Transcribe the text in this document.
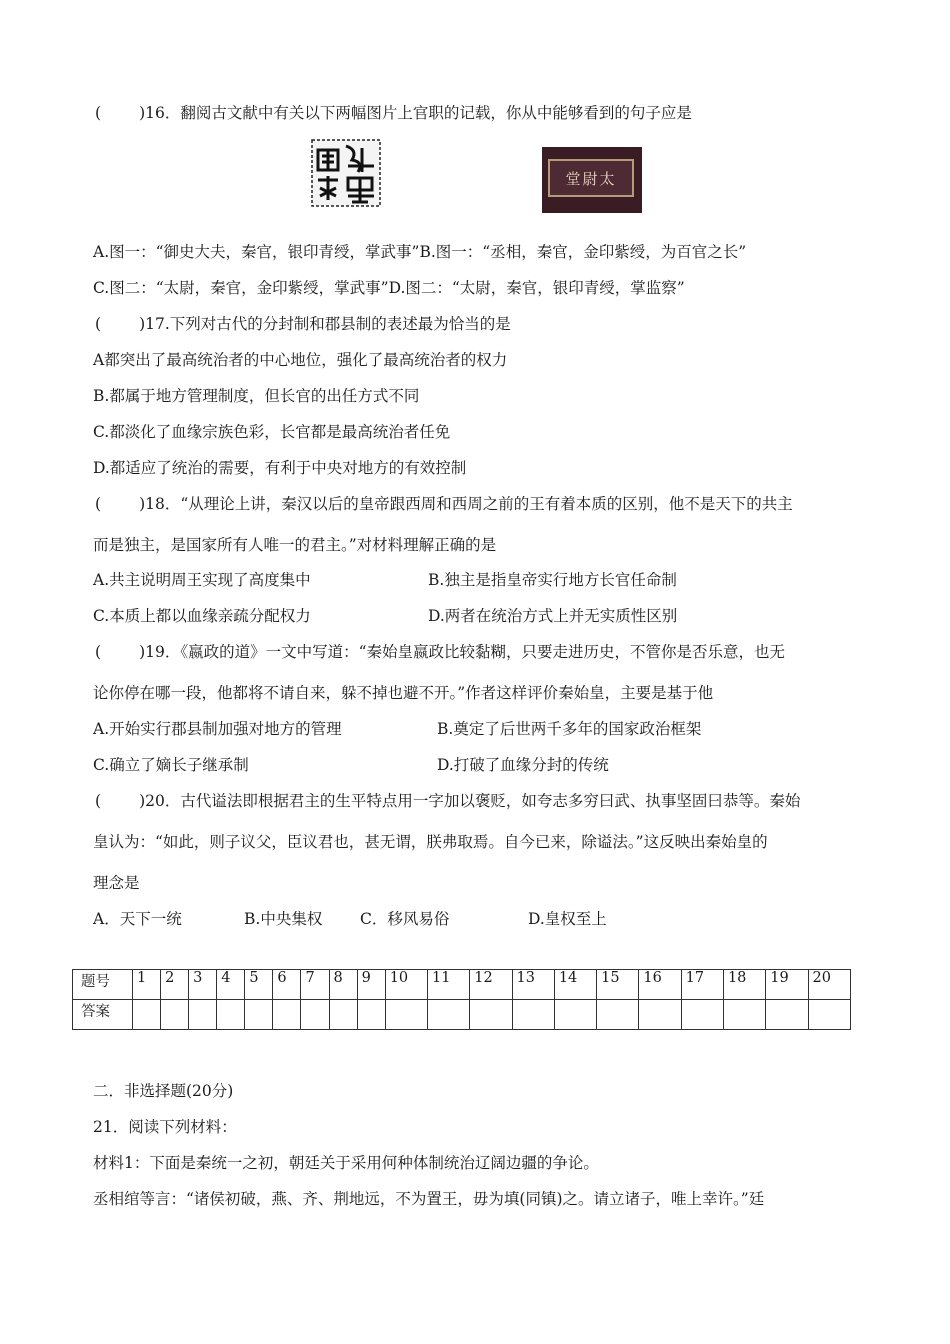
( )16．翻阅古文献中有关以下两幅图片上官职的记载，你从中能够看到的句子应是
堂尉太
A.图一：“御史大夫，秦官，银印青绶，掌武事”B.图一：“丞相，秦官，金印紫绶，为百官之长”
C.图二：“太尉，秦官，金印紫绶，掌武事”D.图二：“太尉，秦官，银印青绶，掌监察”
( )17.下列对古代的分封制和郡县制的表述最为恰当的是
A都突出了最高统治者的中心地位，强化了最高统治者的权力
B.都属于地方管理制度，但长官的出任方式不同
C.都淡化了血缘宗族色彩，长官都是最高统治者任免
D.都适应了统治的需要，有利于中央对地方的有效控制
( )18．“从理论上讲，秦汉以后的皇帝跟西周和西周之前的王有着本质的区别，他不是天下的共主
而是独主，是国家所有人唯一的君主。”对材料理解正确的是
A.共主说明周王实现了高度集中	B.独主是指皇帝实行地方长官任命制
C.本质上都以血缘亲疏分配权力	D.两者在统治方式上并无实质性区别
( )19．《嬴政的道》一文中写道：“秦始皇嬴政比较黏糊，只要走进历史，不管你是否乐意，也无
论你停在哪一段，他都将不请自来，躲不掉也避不开。”作者这样评价秦始皇，主要是基于他
A.开始实行郡县制加强对地方的管理	B.奠定了后世两千多年的国家政治框架
C.确立了嫡长子继承制	D.打破了血缘分封的传统
( )20．古代谥法即根据君主的生平特点用一字加以褒贬，如夸志多穷曰武、执事坚固曰恭等。秦始
皇认为：“如此，则子议父，臣议君也，甚无谓，朕弗取焉。自今已来，除谥法。”这反映出秦始皇的
理念是
A．天下一统	B.中央集权 C．移风易俗	D.皇权至上
题号	1	2	3	4	5	6	7	8	9	10	11	12	13	14	15	16	17	18	19	20
答案																				
二．非选择题(20分)
21．阅读下列材料：
材料1：下面是秦统一之初，朝廷关于采用何种体制统治辽阔边疆的争论。
丞相绾等言：“诸侯初破，燕、齐、荆地远，不为置王，毋为填(同镇)之。请立诸子，唯上幸许。”廷
